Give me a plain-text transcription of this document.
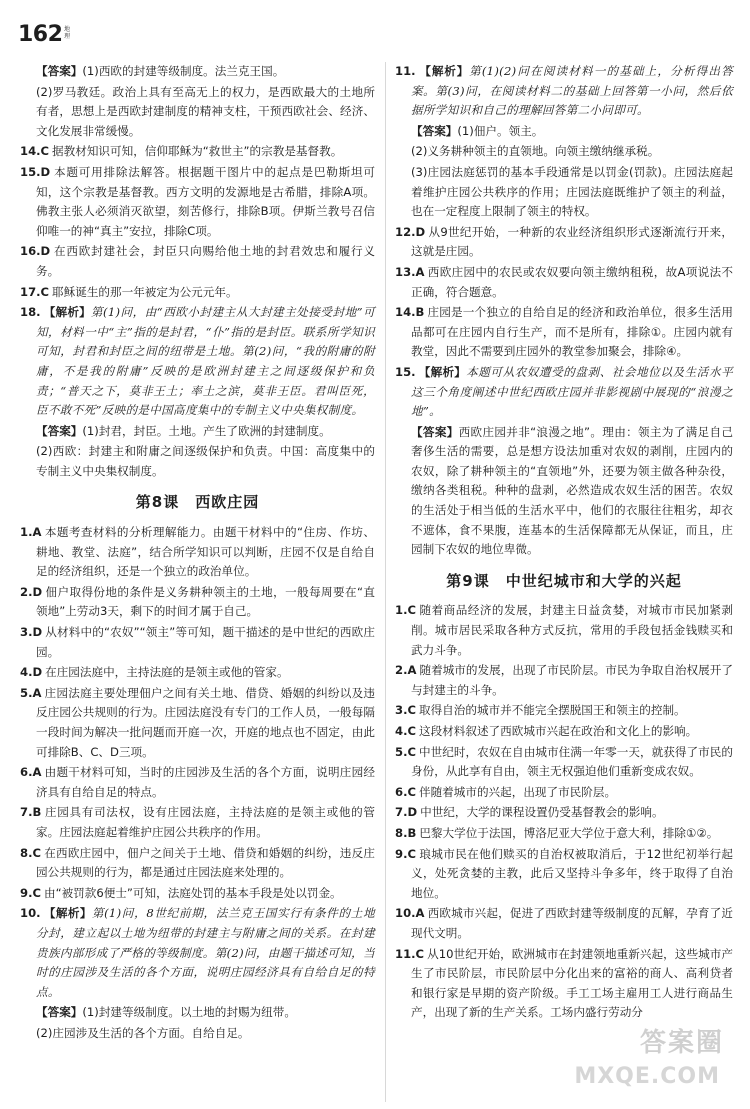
162 地理
【答案】(1)西欧的封建等级制度。法兰克王国。
(2)罗马教廷。政治上具有至高无上的权力，是西欧最大的土地所有者，思想上是西欧封建制度的精神支柱，干预西欧社会、经济、文化发展非常缓慢。
14.C 据教材知识可知，信仰耶稣为“救世主”的宗教是基督教。
15.D 本题可用排除法解答。根据题干图片中的起点是巴勒斯坦可知，这个宗教是基督教。西方文明的发源地是古希腊，排除A项。佛教主张人必须消灭欲望，刻苦修行，排除B项。伊斯兰教号召信仰唯一的神“真主”安拉，排除C项。
16.D 在西欧封建社会，封臣只向赐给他土地的封君效忠和履行义务。
17.C 耶稣诞生的那一年被定为公元元年。
18. 【解析】第(1)问，由“西欧小封建主从大封建主处接受封地”可知，材料一中“主”指的是封君，“仆”指的是封臣。联系所学知识可知，封君和封臣之间的纽带是土地。第(2)问，“我的附庸的附庸，不是我的附庸”反映的是欧洲封建主之间逐级保护和负责；“普天之下，莫非王土；率土之滨，莫非王臣。君叫臣死，臣不敢不死”反映的是中国高度集中的专制主义中央集权制度。
【答案】(1)封君，封臣。土地。产生了欧洲的封建制度。
(2)西欧：封建主和附庸之间逐级保护和负责。中国：高度集中的专制主义中央集权制度。
第8课 西欧庄园
1.A 本题考查材料的分析理解能力。由题干材料中的“住房、作坊、耕地、教堂、法庭”，结合所学知识可以判断，庄园不仅是自给自足的经济组织，还是一个独立的政治单位。
2.D 佃户取得份地的条件是义务耕种领主的土地，一般每周要在“直领地”上劳动3天，剩下的时间才属于自己。
3.D 从材料中的“农奴”“领主”等可知，题干描述的是中世纪的西欧庄园。
4.D 在庄园法庭中，主持法庭的是领主或他的管家。
5.A 庄园法庭主要处理佃户之间有关土地、借贷、婚姻的纠纷以及违反庄园公共规则的行为。庄园法庭没有专门的工作人员，一般每隔一段时间为解决一批问题而开庭一次，开庭的地点也不固定，由此可排除B、C、D三项。
6.A 由题干材料可知，当时的庄园涉及生活的各个方面，说明庄园经济具有自给自足的特点。
7.B 庄园具有司法权，设有庄园法庭，主持法庭的是领主或他的管家。庄园法庭起着维护庄园公共秩序的作用。
8.C 在西欧庄园中，佃户之间关于土地、借贷和婚姻的纠纷，违反庄园公共规则的行为，都是通过庄园法庭来处理的。
9.C 由“被罚款6便士”可知，法庭处罚的基本手段是处以罚金。
10. 【解析】第(1)问，8世纪前期，法兰克王国实行有条件的土地分封，建立起以土地为纽带的封建主与附庸之间的关系。在封建贵族内部形成了严格的等级制度。第(2)问，由题干描述可知，当时的庄园涉及生活的各个方面，说明庄园经济具有自给自足的特点。
【答案】(1)封建等级制度。以土地的封赐为纽带。
(2)庄园涉及生活的各个方面。自给自足。
11. 【解析】第(1)(2)问在阅读材料一的基础上，分析得出答案。第(3)问，在阅读材料二的基础上回答第一小问，然后依据所学知识和自己的理解回答第二小问即可。
【答案】(1)佃户。领主。
(2)义务耕种领主的直领地。向领主缴纳继承税。
(3)庄园法庭惩罚的基本手段通常是以罚金(罚款)。庄园法庭起着维护庄园公共秩序的作用；庄园法庭既维护了领主的利益，也在一定程度上限制了领主的特权。
12.D 从9世纪开始，一种新的农业经济组织形式逐渐流行开来，这就是庄园。
13.A 西欧庄园中的农民或农奴要向领主缴纳租税，故A项说法不正确，符合题意。
14.B 庄园是一个独立的自给自足的经济和政治单位，很多生活用品都可在庄园内自行生产，而不是所有，排除①。庄园内就有教堂，因此不需要到庄园外的教堂参加聚会，排除④。
15. 【解析】本题可从农奴遭受的盘剥、社会地位以及生活水平这三个角度阐述中世纪西欧庄园并非影视剧中展现的“浪漫之地”。
【答案】西欧庄园并非“浪漫之地”。理由：领主为了满足自己奢侈生活的需要，总是想方设法加重对农奴的剥削，庄园内的农奴，除了耕种领主的“直领地”外，还要为领主做各种杂役，缴纳各类租税。种种的盘剥，必然造成农奴生活的困苦。农奴的生活处于相当低的生活水平中，他们的衣服往往粗劣，却衣不遮体，食不果腹，连基本的生活保障都无从保证，而且，庄园制下农奴的地位卑微。
第9课 中世纪城市和大学的兴起
1.C 随着商品经济的发展，封建主日益贪婪，对城市市民加紧剥削。城市居民采取各种方式反抗，常用的手段包括金钱赎买和武力斗争。
2.A 随着城市的发展，出现了市民阶层。市民为争取自治权展开了与封建主的斗争。
3.C 取得自治的城市并不能完全摆脱国王和领主的控制。
4.C 这段材料叙述了西欧城市兴起在政治和文化上的影响。
5.C 中世纪时，农奴在自由城市住满一年零一天，就获得了市民的身份，从此享有自由，领主无权强迫他们重新变成农奴。
6.C 伴随着城市的兴起，出现了市民阶层。
7.D 中世纪，大学的课程设置仍受基督教会的影响。
8.B 巴黎大学位于法国，博洛尼亚大学位于意大利，排除①②。
9.C 琅城市民在他们赎买的自治权被取消后，于12世纪初举行起义，处死贪婪的主教，此后又坚持斗争多年，终于取得了自治地位。
10.A 西欧城市兴起，促进了西欧封建等级制度的瓦解，孕育了近现代文明。
11.C 从10世纪开始，欧洲城市在封建领地重新兴起，这些城市产生了市民阶层，市民阶层中分化出来的富裕的商人、高利贷者和银行家是早期的资产阶级。手工工场主雇用工人进行商品生产，出现了新的生产关系。工场内盛行劳动分
答案圈
MXQE.COM
